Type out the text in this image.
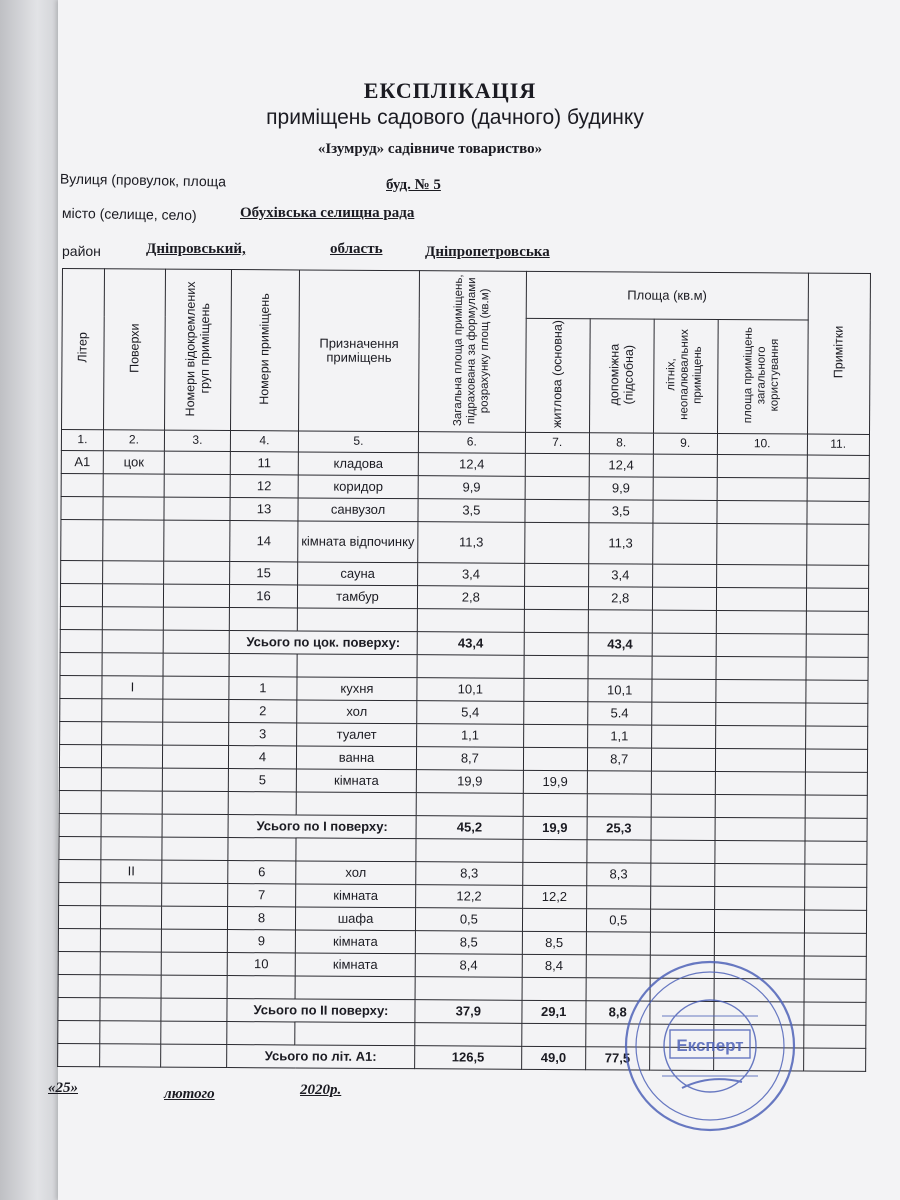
ЕКСПЛІКАЦІЯ
приміщень садового (дачного) будинку
«Ізумруд» садівниче товариство»
Вулиця (провулок, площа	буд. № 5
місто (селище, село)	Обухівська селищна рада
район	Дніпровський,	область	Дніпропетровська
Літер	Поверхи	Номери відокремлених груп приміщень	Номери приміщень	Призначення приміщень	Загальна площа приміщень, підрахована за формулами розрахунку площ (кв.м)	Площа (кв.м)				Примітки
						житлова (основна)	допоміжна (підсобна)	літніх, неопалювальних приміщень	площа приміщень загального користування	
1.	2.	3.	4.	5.	6.	7.	8.	9.	10.	11.
А1	цок		11	кладова	12,4		12,4			
			12	коридор	9,9		9,9			
			13	санвузол	3,5		3,5			
			14	кімната відпочинку	11,3		11,3			
			15	сауна	3,4		3,4			
			16	тамбур	2,8		2,8			

			Усього по цок. поверху:		43,4		43,4			

	І		1	кухня	10,1		10,1			
			2	хол	5,4		5.4			
			3	туалет	1,1		1,1			
			4	ванна	8,7		8,7			
			5	кімната	19,9	19,9				

			Усього по І поверху:		45,2	19,9	25,3			

	ІІ		6	хол	8,3		8,3			
			7	кімната	12,2	12,2				
			8	шафа	0,5		0,5			
			9	кімната	8,5	8,5				
			10	кімната	8,4	8,4				

			Усього по ІІ поверху:		37,9	29,1	8,8			

			Усього по літ. А1:		126,5	49,0	77,5			
«25»	лютого	2020р.
Експерт
